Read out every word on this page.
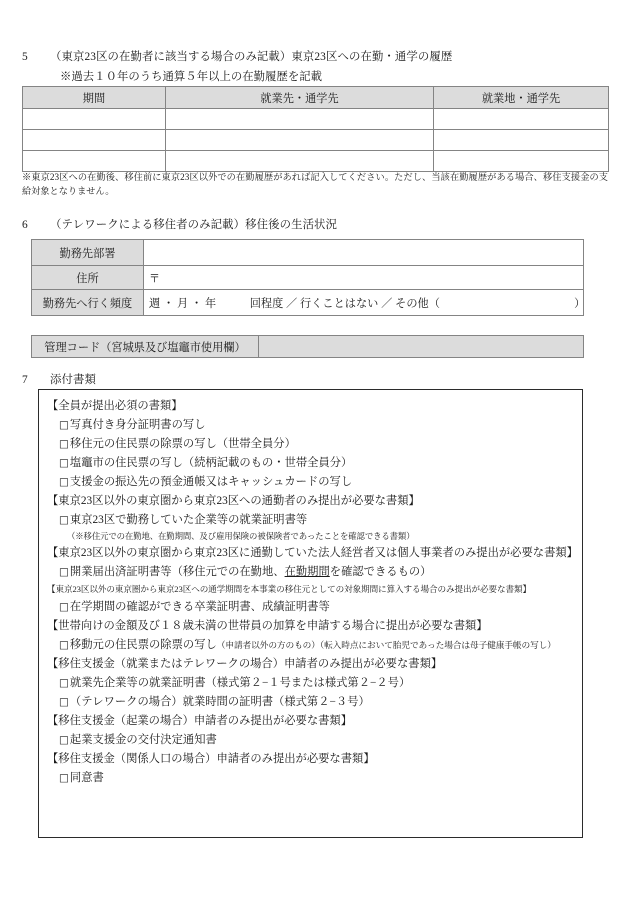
5	（東京23区の在勤者に該当する場合のみ記載）東京23区への在勤・通学の履歴
※過去１０年のうち通算５年以上の在勤履歴を記載
期間	就業先・通学先	就業地・通学先

※東京23区への在勤後、移住前に東京23区以外での在勤履歴があれば記入してください。ただし、当該在勤履歴がある場合、移住支援金の支給対象となりません。
6	（テレワークによる移住者のみ記載）移住後の生活状況
勤務先部署	
住所	〒
勤務先へ行く頻度	週 ・ 月 ・ 年　　　回程度 ／ 行くことはない ／ その他（　　　　　　　　　　　　）
管理コード（宮城県及び塩竈市使用欄）	
7	添付書類
【全員が提出必須の書類】
□写真付き身分証明書の写し
□移住元の住民票の除票の写し（世帯全員分）
□塩竈市の住民票の写し（続柄記載のもの・世帯全員分）
□支援金の振込先の預金通帳又はキャッシュカードの写し
【東京23区以外の東京圏から東京23区への通勤者のみ提出が必要な書類】
□東京23区で勤務していた企業等の就業証明書等
（※移住元での在勤地、在勤期間、及び雇用保険の被保険者であったことを確認できる書類）
【東京23区以外の東京圏から東京23区に通勤していた法人経営者又は個人事業者のみ提出が必要な書類】
□開業届出済証明書等（移住元での在勤地、在勤期間を確認できるもの）
【東京23区以外の東京圏から東京23区への通学期間を本事業の移住元としての対象期間に算入する場合のみ提出が必要な書類】
□在学期間の確認ができる卒業証明書、成績証明書等
【世帯向けの金額及び１８歳未満の世帯員の加算を申請する場合に提出が必要な書類】
□移動元の住民票の除票の写し（申請者以外の方のもの）（転入時点において胎児であった場合は母子健康手帳の写し）
【移住支援金（就業またはテレワークの場合）申請者のみ提出が必要な書類】
□就業先企業等の就業証明書（様式第２−１号または様式第２−２号）
□（テレワークの場合）就業時間の証明書（様式第２−３号）
【移住支援金（起業の場合）申請者のみ提出が必要な書類】
□起業支援金の交付決定通知書
【移住支援金（関係人口の場合）申請者のみ提出が必要な書類】
□同意書
